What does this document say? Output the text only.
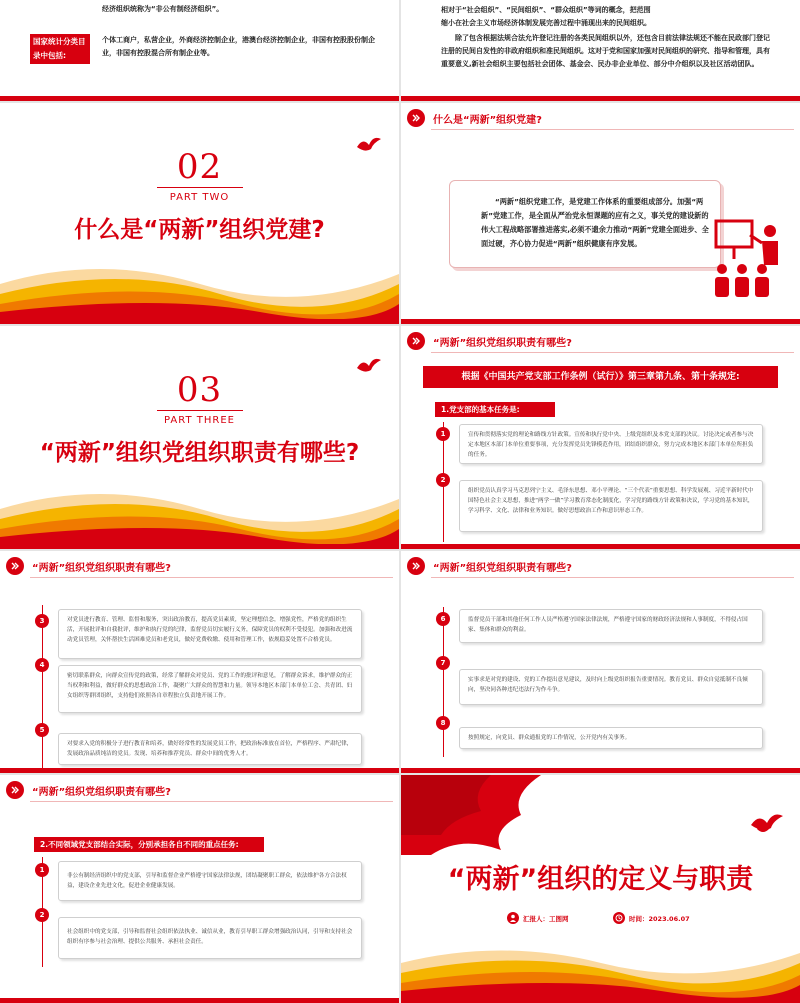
经济组织统称为“非公有制经济组织”。
国家统计分类目录中包括:
个体工商户，私营企业，外商经济控制企业，港澳台经济控制企业，非国有控股股份制企业，非国有控股混合所有制企业等。
相对于“社会组织”、“民间组织”、“群众组织”等词的概念，把范围
缩小在社会主义市场经济体制发展完善过程中涌现出来的民间组织。
除了包含根据法规合法允许登记注册的各类民间组织以外，还包含目前法律法规还不能在民政部门登记注册的民间自发性的非政府组织和准民间组织。这对于党和国家加强对民间组织的研究、指导和管理，具有重要意义,新社会组织主要包括社会团体、基金会、民办非企业单位、部分中介组织以及社区活动团队。
02
PART TWO
什么是“两新”组织党建?
什么是“两新”组织党建?
“两新”组织党建工作，是党建工作体系的重要组成部分。加强“两新”党建工作，是全面从严治党永恒课题的应有之义，事关党的建设新的伟大工程战略部署推进落实,必须不遗余力推动“两新”党建全面进步、全面过硬，齐心协力促进“两新”组织健康有序发展。
03
PART THREE
“两新”组织党组织职责有哪些?
“两新”组织党组织职责有哪些?
根据《中国共产党支部工作条例（试行）》第三章第九条、第十条规定:
1.党支部的基本任务是:
1	宣传和贯彻落实党的理论和路线方针政策。宣传和执行党中央、上级党组织及本党支部的决议。讨论决定或者参与决定本地区本部门本单位重要事项，充分发挥党员先锋模范作用，团结组织群众，努力完成本地区本部门本单位所担负的任务。
2
组织党员认真学习马克思列宁主义、毛泽东思想、邓小平理论、“三个代表”重要思想、科学发展观、习近平新时代中国特色社会主义思想，推进“两学一做”学习教育常态化制度化，学习党的路线方针政策和决议，学习党的基本知识，学习科学、文化、法律和业务知识。做好思想政治工作和意识形态工作。
“两新”组织党组织职责有哪些?
3	对党员进行教育、管理、监督和服务，突出政治教育，提高党员素质，坚定理想信念，增强党性，严格党的组织生活，开展批评和自我批评，维护和执行党的纪律，监督党员切实履行义务，保障党员的权利不受侵犯。加强和改进流动党员管理，关怀帮扶生活困难党员和老党员，做好党费收缴、使用和管理工作，依规稳妥处置不合格党员。
4
密切联系群众，向群众宣传党的政策，经常了解群众对党员、党的工作的批评和意见，了解群众诉求，维护群众的正当权利和利益，做好群众的思想政治工作，凝聚广大群众的智慧和力量。领导本地区本部门本单位工会、共青团、妇女组织等群团组织，支持他们依照各自章程独立负责地开展工作。
5
对要求入党的积极分子进行教育和培养，做好经常性的发展党员工作，把政治标准放在首位，严格程序、严肃纪律，发展政治品质纯洁的党员。发现、培养和推荐党员、群众中间的优秀人才。
“两新”组织党组织职责有哪些?
6	监督党员干部和其他任何工作人员严格遵守国家法律法规，严格遵守国家的财政经济法规和人事制度，不得侵占国家、集体和群众的利益。
7
实事求是对党的建设、党的工作提出意见建议，及时向上级党组织报告重要情况。教育党员、群众自觉抵制不良倾向，坚决同各种违纪违法行为作斗争。
8
按照规定，向党员、群众通报党的工作情况，公开党内有关事务。
“两新”组织党组织职责有哪些?
2.不同领域党支部结合实际，分别承担各自不同的重点任务:
1
非公有制经济组织中的党支部，引导和监督企业严格遵守国家法律法规，团结凝聚职工群众，依法维护各方合法权益，建设企业先进文化，促进企业健康发展。
2
社会组织中的党支部，引导和监督社会组织依法执业、诚信从业，教育引导职工群众增强政治认同，引导和支持社会组织有序参与社会治理、提供公共服务、承担社会责任。
“两新”组织的定义与职责
汇报人：工图网	时间：2023.06.07
